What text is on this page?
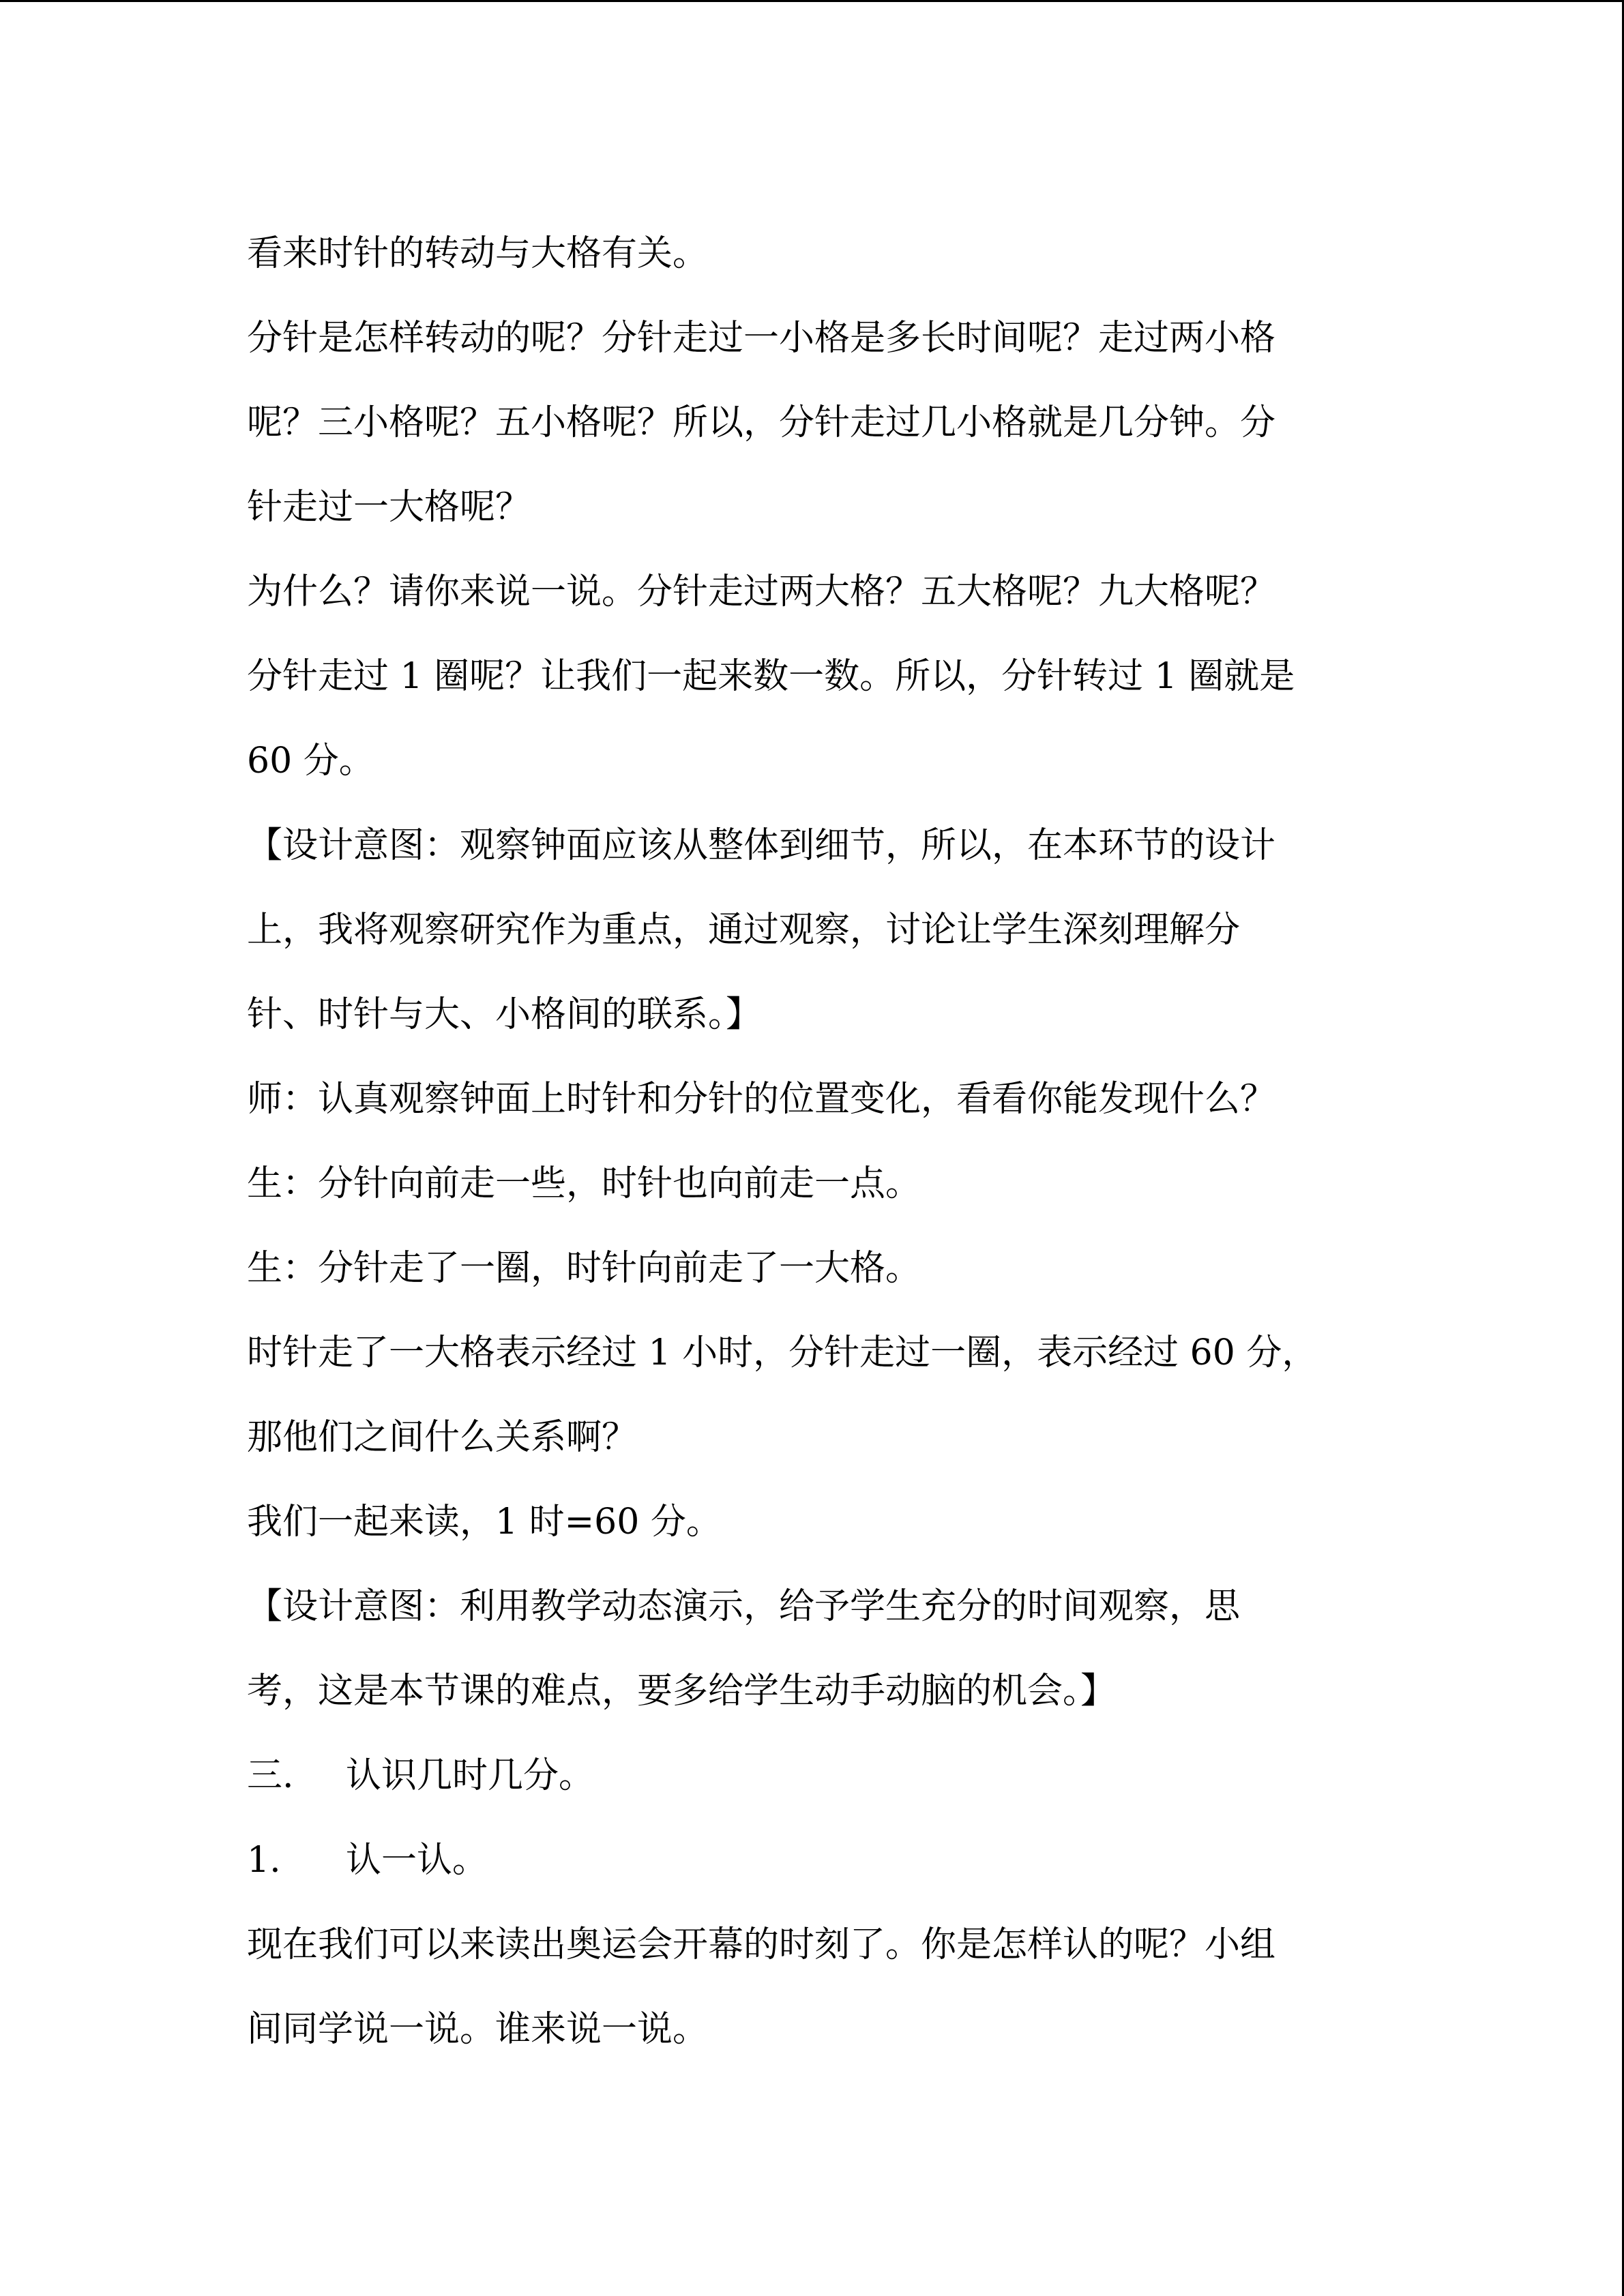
看来时针的转动与大格有关。
分针是怎样转动的呢？分针走过一小格是多长时间呢？走过两小格
呢？三小格呢？五小格呢？所以，分针走过几小格就是几分钟。分
针走过一大格呢？
为什么？请你来说一说。分针走过两大格？五大格呢？九大格呢？
分针走过 1 圈呢？让我们一起来数一数。所以，分针转过 1 圈就是
60 分。
【设计意图：观察钟面应该从整体到细节，所以，在本环节的设计
上，我将观察研究作为重点，通过观察，讨论让学生深刻理解分
针、时针与大、小格间的联系。】
师：认真观察钟面上时针和分针的位置变化，看看你能发现什么？
生：分针向前走一些，时针也向前走一点。
生：分针走了一圈，时针向前走了一大格。
时针走了一大格表示经过 1 小时，分针走过一圈，表示经过 60 分，
那他们之间什么关系啊？
我们一起来读，1 时=60 分。
【设计意图：利用教学动态演示，给予学生充分的时间观察，思
考，这是本节课的难点，要多给学生动手动脑的机会。】
三. 认识几时几分。
1. 认一认。
现在我们可以来读出奥运会开幕的时刻了。你是怎样认的呢？小组
间同学说一说。谁来说一说。
